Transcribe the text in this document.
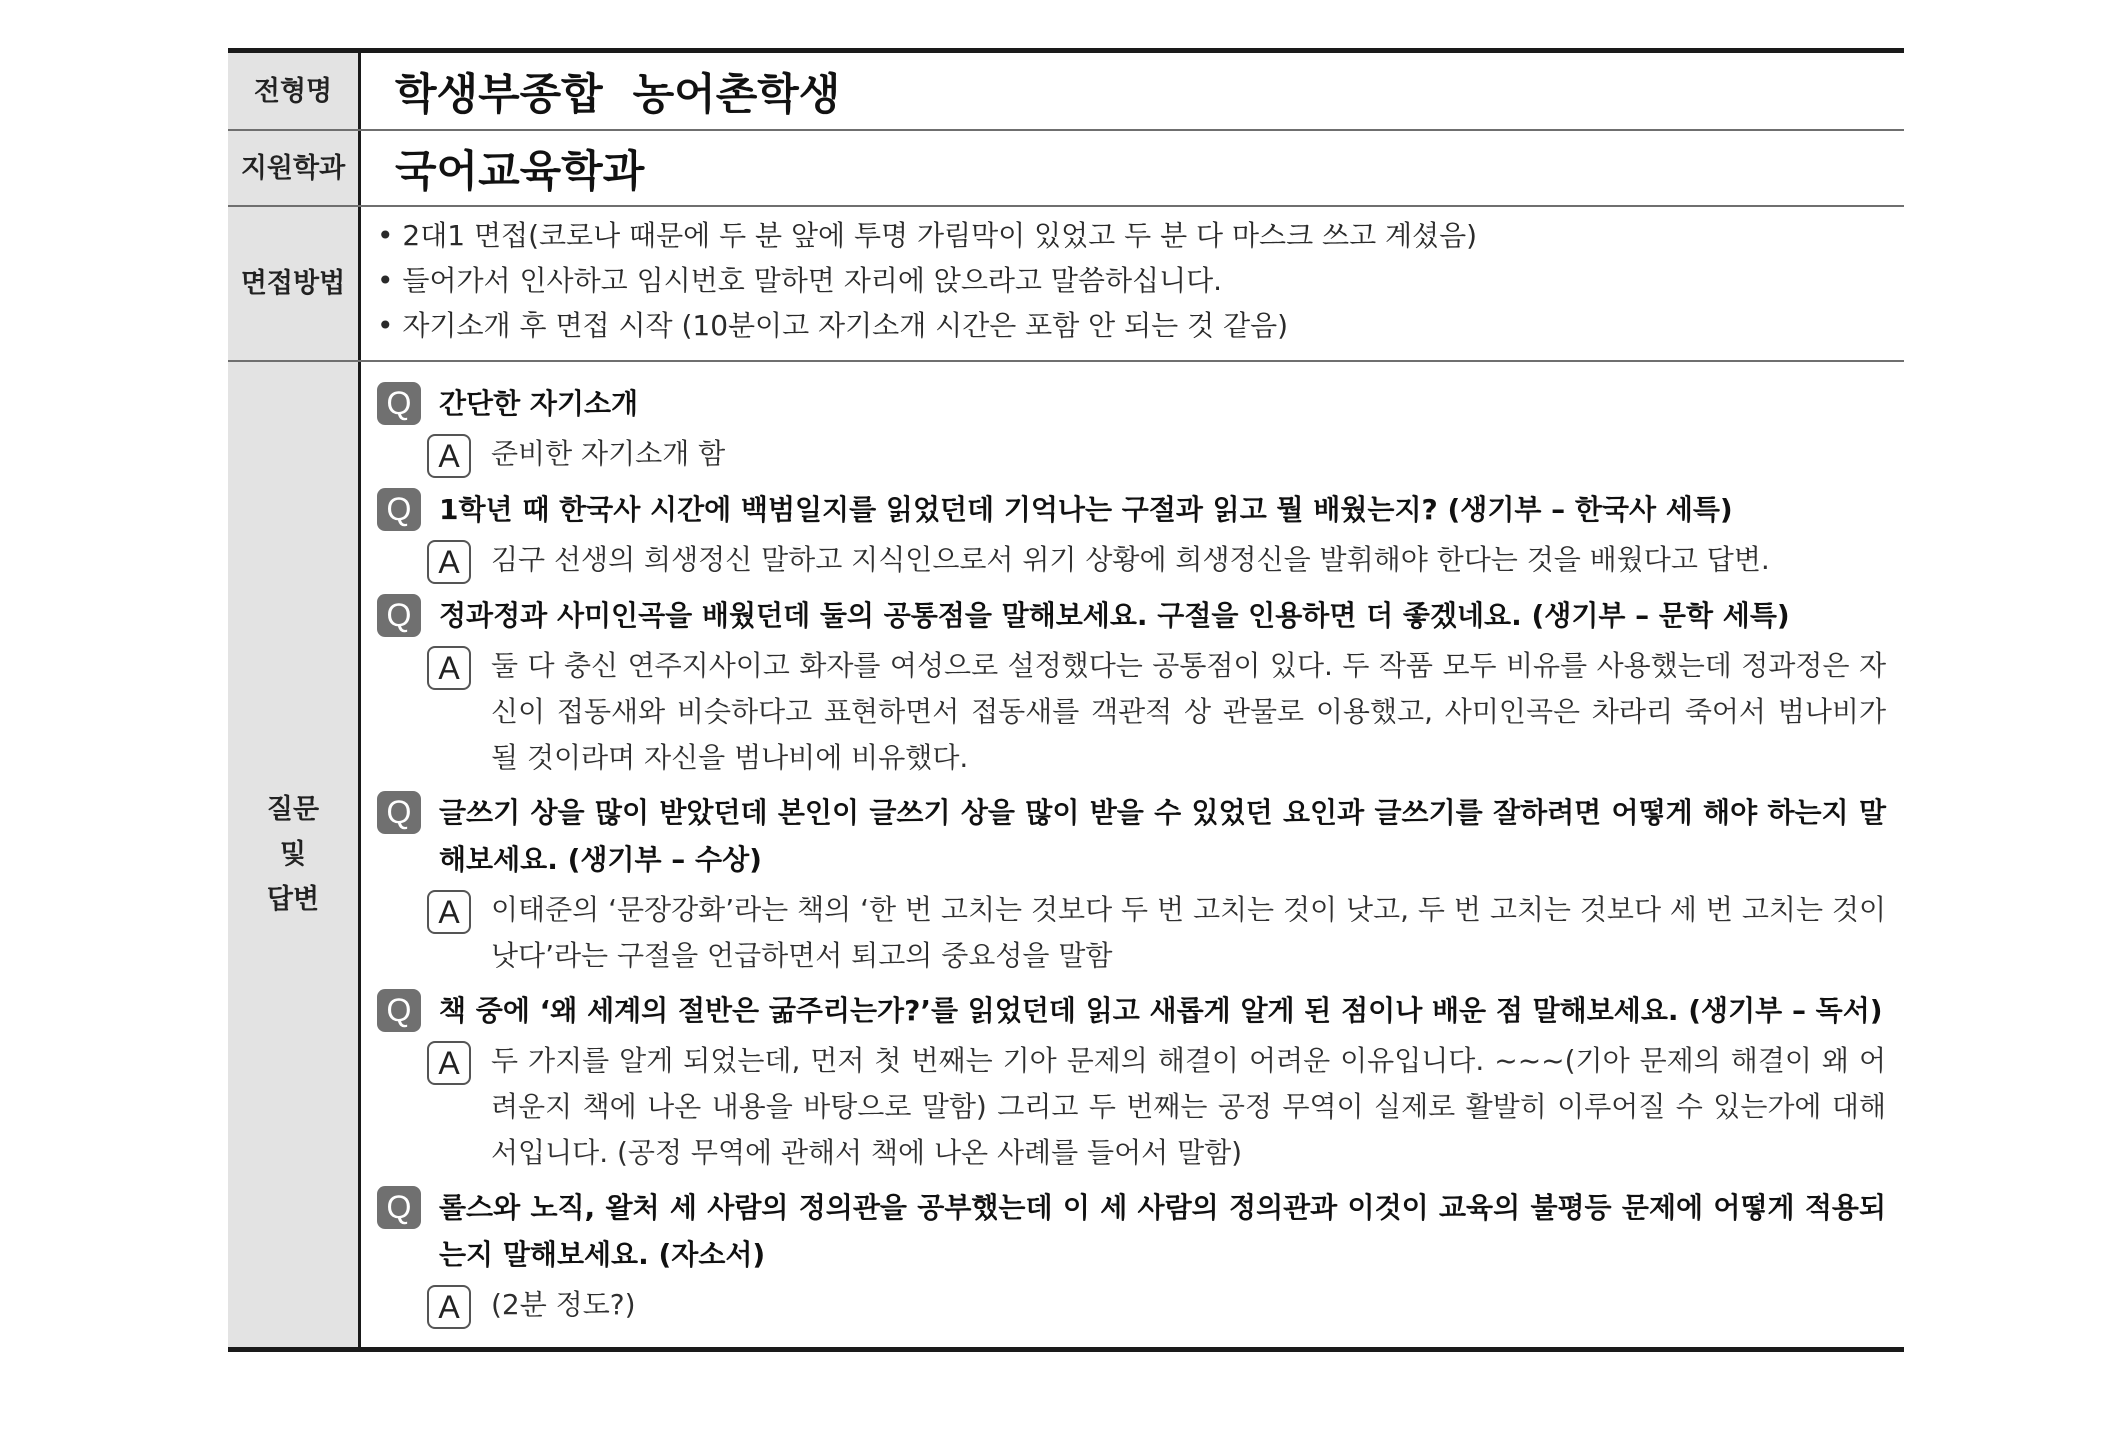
전형명	학생부종합  농어촌학생
지원학과	국어교육학과
면접방법
• 2대1 면접(코로나 때문에 두 분 앞에 투명 가림막이 있었고 두 분 다 마스크 쓰고 계셨음)
• 들어가서 인사하고 임시번호 말하면 자리에 앉으라고 말씀하십니다.
• 자기소개 후 면접 시작 (10분이고 자기소개 시간은 포함 안 되는 것 같음)
질문
및
답변
Q 간단한 자기소개
A	준비한 자기소개 함
Q 1학년 때 한국사 시간에 백범일지를 읽었던데 기억나는 구절과 읽고 뭘 배웠는지? (생기부 – 한국사 세특)
A	김구 선생의 희생정신 말하고 지식인으로서 위기 상황에 희생정신을 발휘해야 한다는 것을 배웠다고 답변.
Q 정과정과 사미인곡을 배웠던데 둘의 공통점을 말해보세요. 구절을 인용하면 더 좋겠네요. (생기부 – 문학 세특)
A	둘 다 충신 연주지사이고 화자를 여성으로 설정했다는 공통점이 있다. 두 작품 모두 비유를 사용했는데 정과정은 자신이 접동새와 비슷하다고 표현하면서 접동새를 객관적 상 관물로 이용했고, 사미인곡은 차라리 죽어서 범나비가 될 것이라며 자신을 범나비에 비유했다.
Q 글쓰기 상을 많이 받았던데 본인이 글쓰기 상을 많이 받을 수 있었던 요인과 글쓰기를 잘하려면 어떻게 해야 하는지 말해보세요. (생기부 – 수상)
A	이태준의 ‘문장강화’라는 책의 ‘한 번 고치는 것보다 두 번 고치는 것이 낫고, 두 번 고치는 것보다 세 번 고치는 것이 낫다’라는 구절을 언급하면서 퇴고의 중요성을 말함
Q 책 중에 ‘왜 세계의 절반은 굶주리는가?’를 읽었던데 읽고 새롭게 알게 된 점이나 배운 점 말해보세요. (생기부 – 독서)
A	두 가지를 알게 되었는데, 먼저 첫 번째는 기아 문제의 해결이 어려운 이유입니다. ~~~(기아 문제의 해결이 왜 어려운지 책에 나온 내용을 바탕으로 말함) 그리고 두 번째는 공정 무역이 실제로 활발히 이루어질 수 있는가에 대해서입니다. (공정 무역에 관해서 책에 나온 사례를 들어서 말함)
Q 롤스와 노직, 왈처 세 사람의 정의관을 공부했는데 이 세 사람의 정의관과 이것이 교육의 불평등 문제에 어떻게 적용되는지 말해보세요. (자소서)
A	(2분 정도?)
